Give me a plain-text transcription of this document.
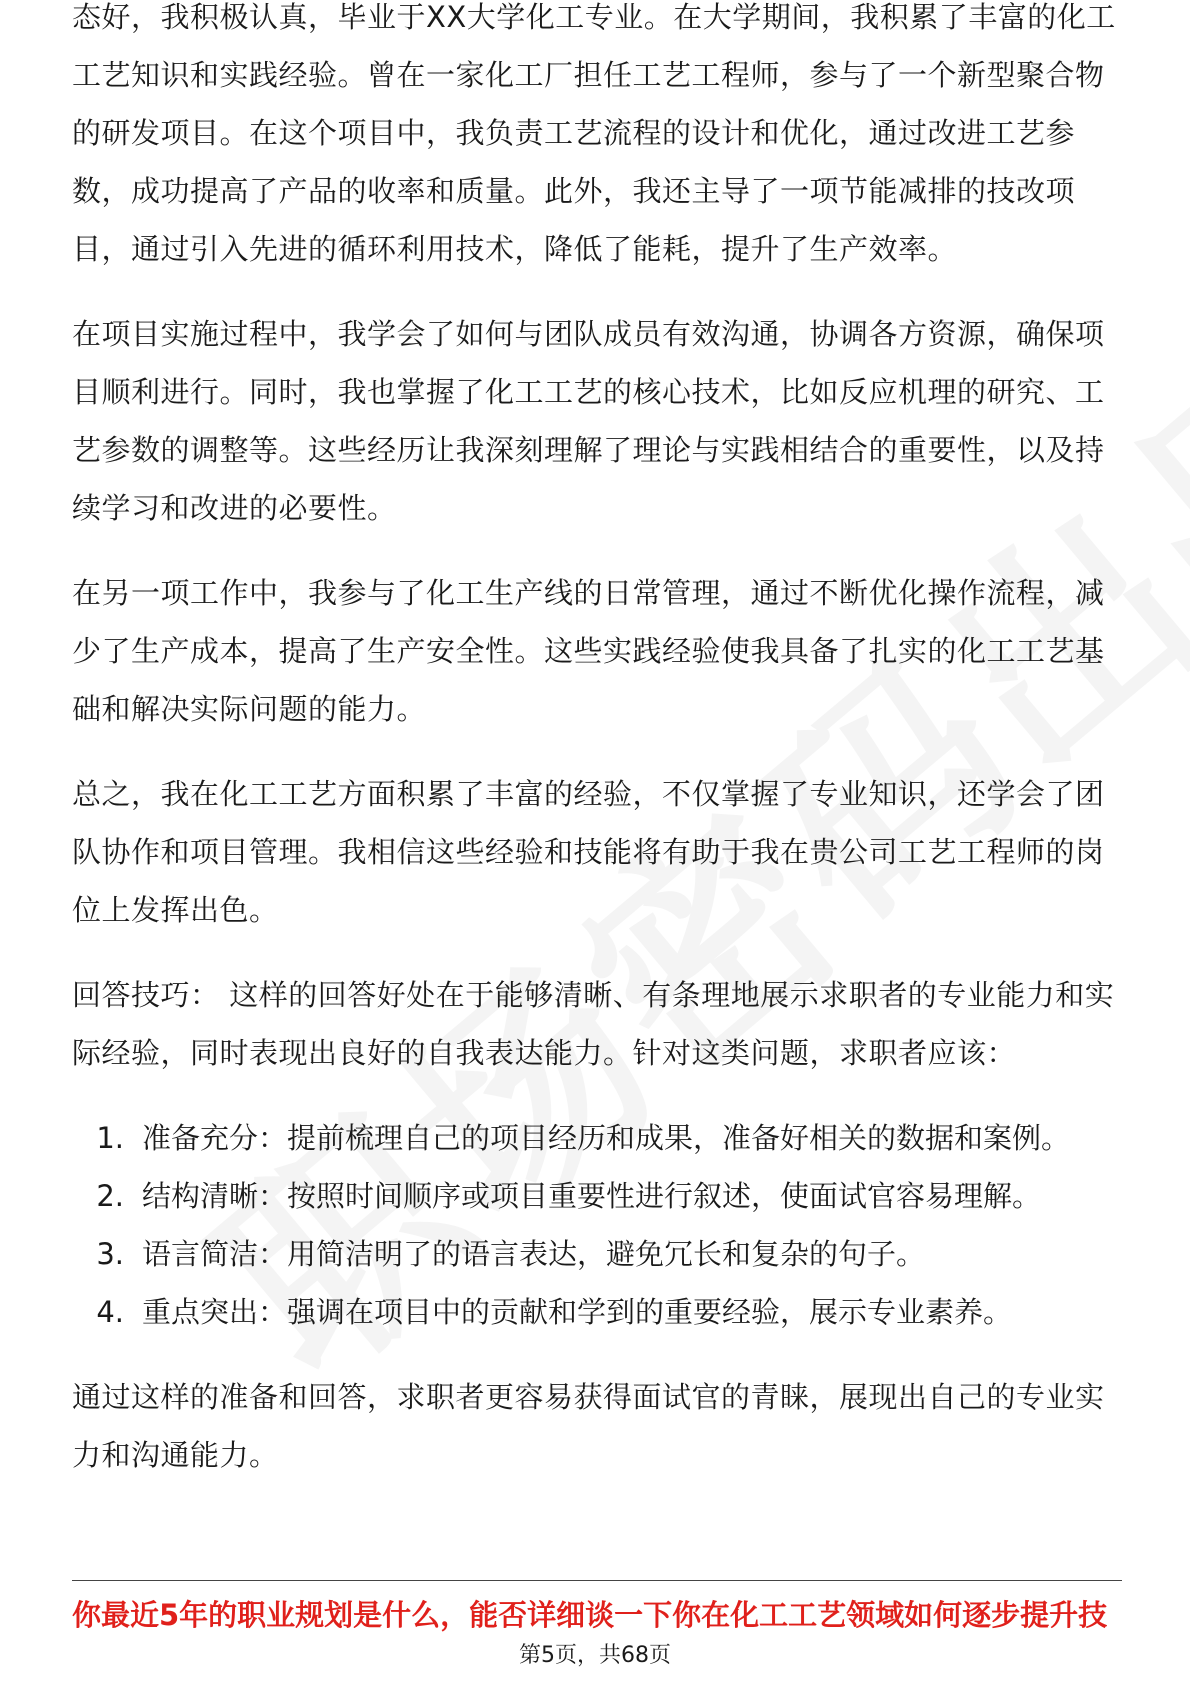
态好，我积极认真，毕业于XX大学化工专业。在大学期间，我积累了丰富的化工工艺知识和实践经验。曾在一家化工厂担任工艺工程师，参与了一个新型聚合物的研发项目。在这个项目中，我负责工艺流程的设计和优化，通过改进工艺参数，成功提高了产品的收率和质量。此外，我还主导了一项节能减排的技改项目，通过引入先进的循环利用技术，降低了能耗，提升了生产效率。

在项目实施过程中，我学会了如何与团队成员有效沟通，协调各方资源，确保项目顺利进行。同时，我也掌握了化工工艺的核心技术，比如反应机理的研究、工艺参数的调整等。这些经历让我深刻理解了理论与实践相结合的重要性，以及持续学习和改进的必要性。

在另一项工作中，我参与了化工生产线的日常管理，通过不断优化操作流程，减少了生产成本，提高了生产安全性。这些实践经验使我具备了扎实的化工工艺基础和解决实际问题的能力。

总之，我在化工工艺方面积累了丰富的经验，不仅掌握了专业知识，还学会了团队协作和项目管理。我相信这些经验和技能将有助于我在贵公司工艺工程师的岗位上发挥出色。

回答技巧： 这样的回答好处在于能够清晰、有条理地展示求职者的专业能力和实际经验，同时表现出良好的自我表达能力。针对这类问题，求职者应该：

1. 准备充分：提前梳理自己的项目经历和成果，准备好相关的数据和案例。
2. 结构清晰：按照时间顺序或项目重要性进行叙述，使面试官容易理解。
3. 语言简洁：用简洁明了的语言表达，避免冗长和复杂的句子。
4. 重点突出：强调在项目中的贡献和学到的重要经验，展示专业素养。

通过这样的准备和回答，求职者更容易获得面试官的青睐，展现出自己的专业实力和沟通能力。

你最近5年的职业规划是什么，能否详细谈一下你在化工工艺领域如何逐步提升技
第5页，共68页
